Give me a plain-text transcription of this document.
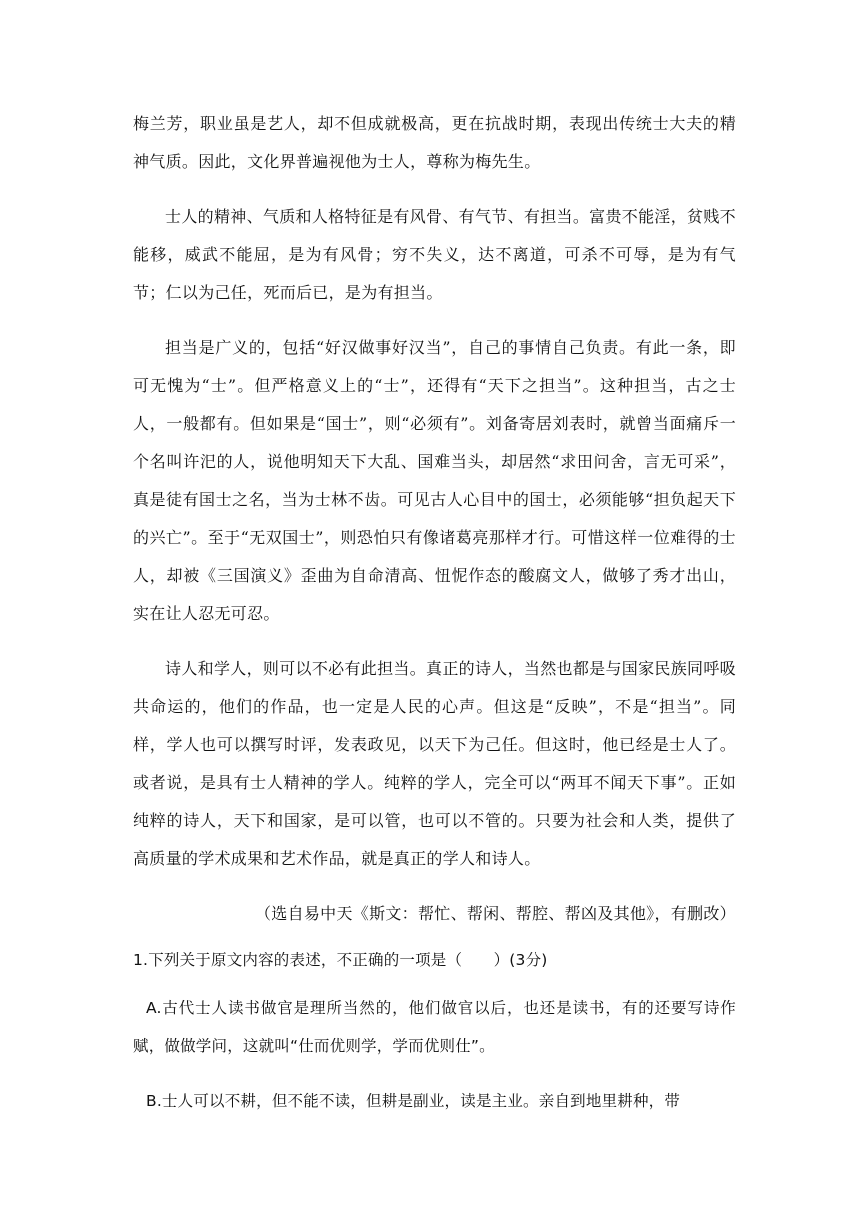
梅兰芳，职业虽是艺人，却不但成就极高，更在抗战时期，表现出传统士大夫的精神气质。因此，文化界普遍视他为士人，尊称为梅先生。

士人的精神、气质和人格特征是有风骨、有气节、有担当。富贵不能淫，贫贱不能移，威武不能屈，是为有风骨；穷不失义，达不离道，可杀不可辱，是为有气节；仁以为己任，死而后已，是为有担当。

担当是广义的，包括“好汉做事好汉当”，自己的事情自己负责。有此一条，即可无愧为“士”。但严格意义上的“士”，还得有“天下之担当”。这种担当，古之士人，一般都有。但如果是“国士”，则“必须有”。刘备寄居刘表时，就曾当面痛斥一个名叫许汜的人，说他明知天下大乱、国难当头，却居然“求田问舍，言无可采”，真是徒有国士之名，当为士林不齿。可见古人心目中的国士，必须能够“担负起天下的兴亡”。至于“无双国士”，则恐怕只有像诸葛亮那样才行。可惜这样一位难得的士人，却被《三国演义》歪曲为自命清高、忸怩作态的酸腐文人，做够了秀才出山，实在让人忍无可忍。

诗人和学人，则可以不必有此担当。真正的诗人，当然也都是与国家民族同呼吸共命运的，他们的作品，也一定是人民的心声。但这是“反映”，不是“担当”。同样，学人也可以撰写时评，发表政见，以天下为己任。但这时，他已经是士人了。或者说，是具有士人精神的学人。纯粹的学人，完全可以“两耳不闻天下事”。正如纯粹的诗人，天下和国家，是可以管，也可以不管的。只要为社会和人类，提供了高质量的学术成果和艺术作品，就是真正的学人和诗人。

（选自易中天《斯文：帮忙、帮闲、帮腔、帮凶及其他》，有删改）

1.下列关于原文内容的表述，不正确的一项是（　　）(3分)

A.古代士人读书做官是理所当然的，他们做官以后，也还是读书，有的还要写诗作赋，做做学问，这就叫“仕而优则学，学而优则仕”。

B.士人可以不耕，但不能不读，但耕是副业，读是主业。亲自到地里耕种，带
